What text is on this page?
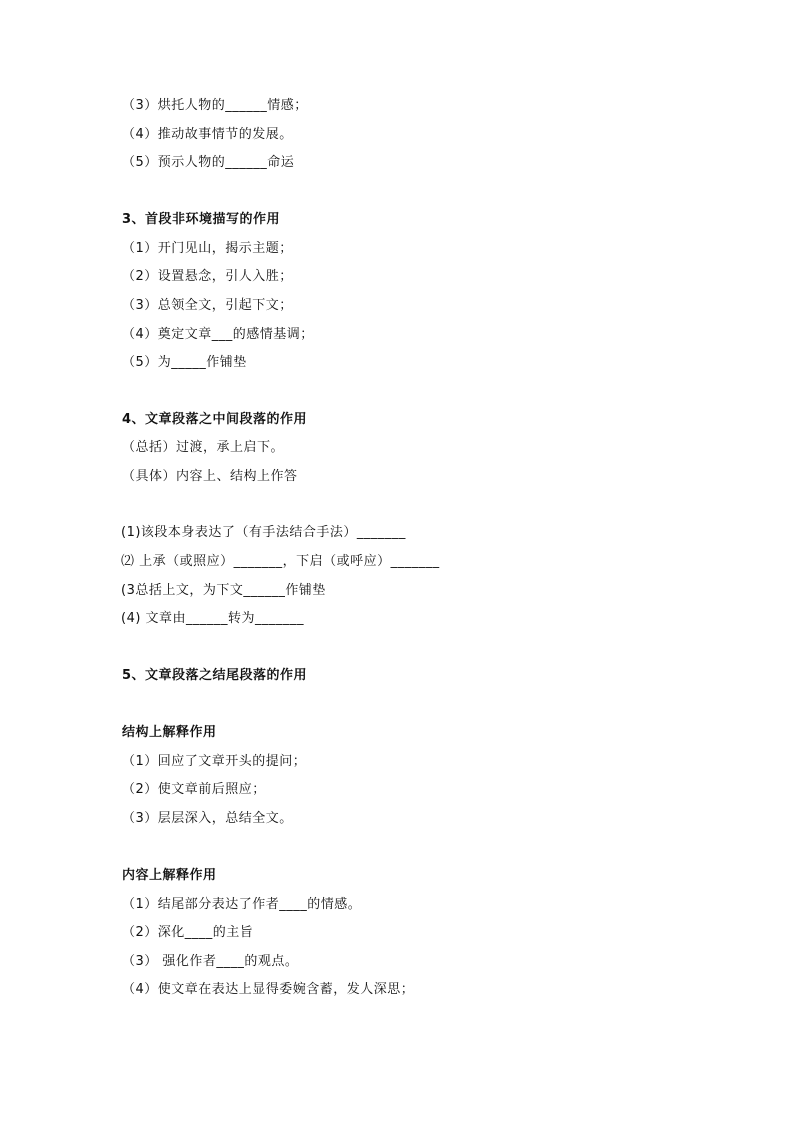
（3）烘托人物的______情感；
（4）推动故事情节的发展。
（5）预示人物的______命运
3、首段非环境描写的作用
（1）开门见山，揭示主题；
（2）设置悬念，引人入胜；
（3）总领全文，引起下文；
（4）奠定文章___的感情基调；
（5）为_____作铺垫
4、文章段落之中间段落的作用
（总括）过渡，承上启下。
（具体）内容上、结构上作答
(1)该段本身表达了（有手法结合手法）_______
⑵ 上承（或照应）_______，下启（或呼应）_______
(3总括上文，为下文______作铺垫
(4) 文章由______转为_______
5、文章段落之结尾段落的作用
结构上解释作用
（1）回应了文章开头的提问；
（2）使文章前后照应；
（3）层层深入，总结全文。
内容上解释作用
（1）结尾部分表达了作者____的情感。
（2）深化____的主旨
（3） 强化作者____的观点。
（4）使文章在表达上显得委婉含蓄，发人深思；
